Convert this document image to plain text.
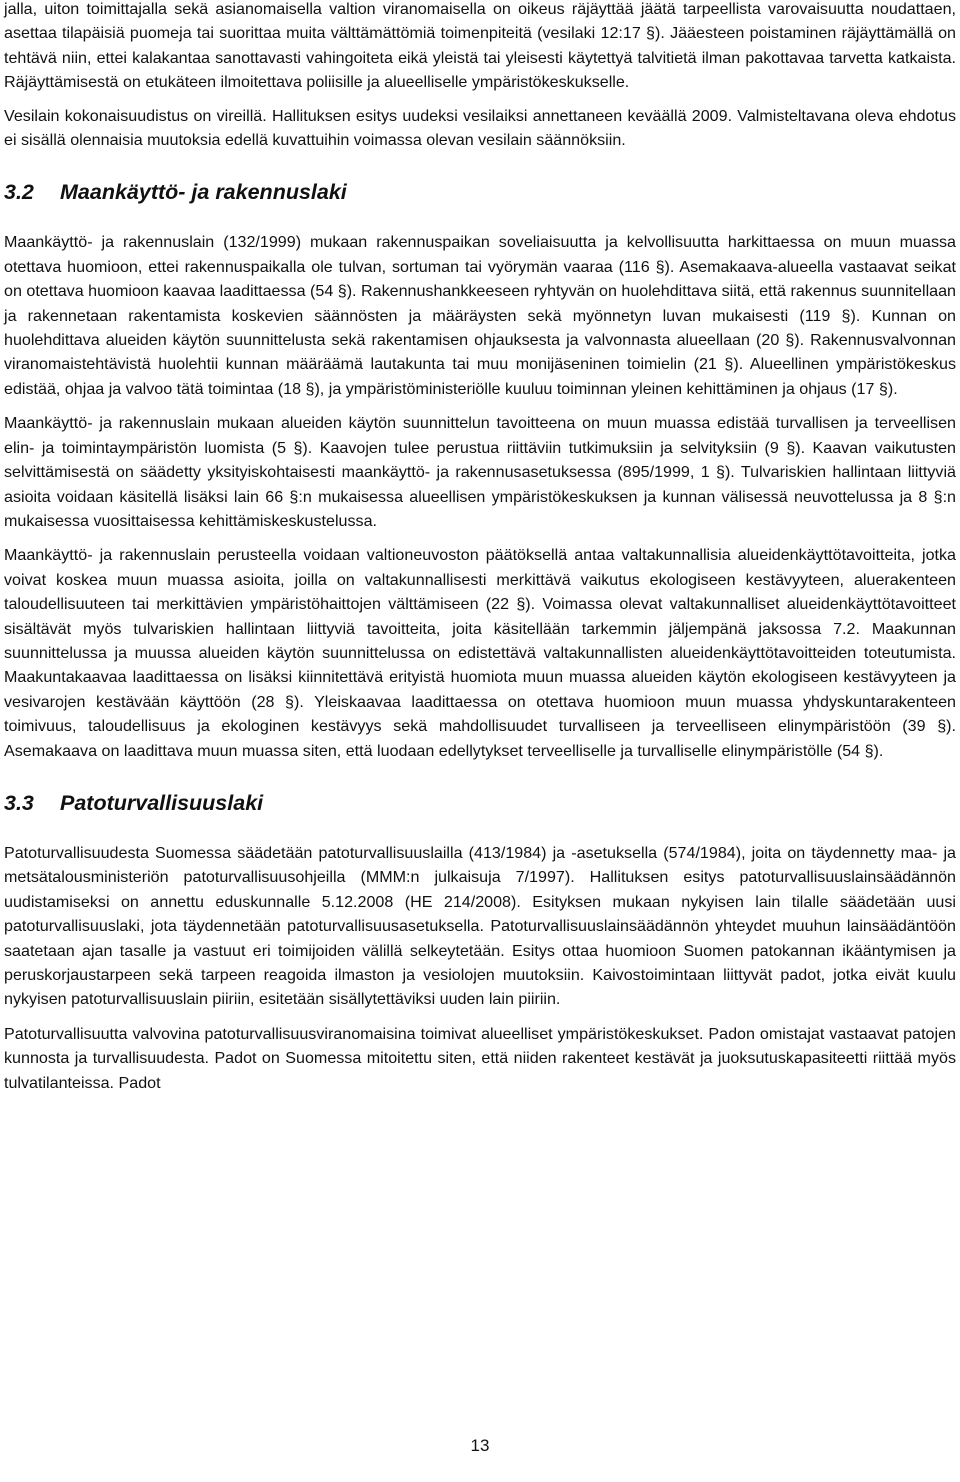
jalla, uiton toimittajalla sekä asianomaisella valtion viranomaisella on oikeus räjäyttää jäätä tarpeellista varovaisuutta noudattaen, asettaa tilapäisiä puomeja tai suorittaa muita välttämättömiä toimenpiteitä (vesilaki 12:17 §). Jääesteen poistaminen räjäyttämällä on tehtävä niin, ettei kalakantaa sanottavasti vahingoiteta eikä yleistä tai yleisesti käytettyä talvitietä ilman pakottavaa tarvetta katkaista. Räjäyttämisestä on etukäteen ilmoitettava poliisille ja alueelliselle ympäristökeskukselle.

Vesilain kokonaisuudistus on vireillä. Hallituksen esitys uudeksi vesilaiksi annettaneen keväällä 2009. Valmisteltavana oleva ehdotus ei sisällä olennaisia muutoksia edellä kuvattuihin voimassa olevan vesilain säännöksiin.

3.2 Maankäyttö- ja rakennuslaki

Maankäyttö- ja rakennuslain (132/1999) mukaan rakennuspaikan soveliaisuutta ja kelvollisuutta harkittaessa on muun muassa otettava huomioon, ettei rakennuspaikalla ole tulvan, sortuman tai vyörymän vaaraa (116 §). Asemakaava-alueella vastaavat seikat on otettava huomioon kaavaa laadittaessa (54 §). Rakennushankkeeseen ryhtyvän on huolehdittava siitä, että rakennus suunnitellaan ja rakennetaan rakentamista koskevien säännösten ja määräysten sekä myönnetyn luvan mukaisesti (119 §). Kunnan on huolehdittava alueiden käytön suunnittelusta sekä rakentamisen ohjauksesta ja valvonnasta alueellaan (20 §). Rakennusvalvonnan viranomaistehtävistä huolehtii kunnan määräämä lautakunta tai muu monijäseninen toimielin (21 §). Alueellinen ympäristökeskus edistää, ohjaa ja valvoo tätä toimintaa (18 §), ja ympäristöministeriölle kuuluu toiminnan yleinen kehittäminen ja ohjaus (17 §).

Maankäyttö- ja rakennuslain mukaan alueiden käytön suunnittelun tavoitteena on muun muassa edistää turvallisen ja terveellisen elin- ja toimintaympäristön luomista (5 §). Kaavojen tulee perustua riittäviin tutkimuksiin ja selvityksiin (9 §). Kaavan vaikutusten selvittämisestä on säädetty yksityiskohtaisesti maankäyttö- ja rakennusasetuksessa (895/1999, 1 §). Tulvariskien hallintaan liittyviä asioita voidaan käsitellä lisäksi lain 66 §:n mukaisessa alueellisen ympäristökeskuksen ja kunnan välisessä neuvottelussa ja 8 §:n mukaisessa vuosittaisessa kehittämiskeskustelussa.

Maankäyttö- ja rakennuslain perusteella voidaan valtioneuvoston päätöksellä antaa valtakunnallisia alueidenkäyttötavoitteita, jotka voivat koskea muun muassa asioita, joilla on valtakunnallisesti merkittävä vaikutus ekologiseen kestävyyteen, aluerakenteen taloudellisuuteen tai merkittävien ympäristöhaittojen välttämiseen (22 §). Voimassa olevat valtakunnalliset alueidenkäyttötavoitteet sisältävät myös tulvariskien hallintaan liittyviä tavoitteita, joita käsitellään tarkemmin jäljempänä jaksossa 7.2. Maakunnan suunnittelussa ja muussa alueiden käytön suunnittelussa on edistettävä valtakunnallisten alueidenkäyttötavoitteiden toteutumista. Maakuntakaavaa laadittaessa on lisäksi kiinnitettävä erityistä huomiota muun muassa alueiden käytön ekologiseen kestävyyteen ja vesivarojen kestävään käyttöön (28 §). Yleiskaavaa laadittaessa on otettava huomioon muun muassa yhdyskuntarakenteen toimivuus, taloudellisuus ja ekologinen kestävyys sekä mahdollisuudet turvalliseen ja terveelliseen elinympäristöön (39 §). Asemakaava on laadittava muun muassa siten, että luodaan edellytykset terveelliselle ja turvalliselle elinympäristölle (54 §).

3.3 Patoturvallisuuslaki

Patoturvallisuudesta Suomessa säädetään patoturvallisuuslailla (413/1984) ja -asetuksella (574/1984), joita on täydennetty maa- ja metsätalousministeriön patoturvallisuusohjeilla (MMM:n julkaisuja 7/1997). Hallituksen esitys patoturvallisuuslainsäädännön uudistamiseksi on annettu eduskunnalle 5.12.2008 (HE 214/2008). Esityksen mukaan nykyisen lain tilalle säädetään uusi patoturvallisuuslaki, jota täydennetään patoturvallisuusasetuksella. Patoturvallisuuslainsäädännön yhteydet muuhun lainsäädäntöön saatetaan ajan tasalle ja vastuut eri toimijoiden välillä selkeytetään. Esitys ottaa huomioon Suomen patokannan ikääntymisen ja peruskorjaustarpeen sekä tarpeen reagoida ilmaston ja vesiolojen muutoksiin. Kaivostoimintaan liittyvät padot, jotka eivät kuulu nykyisen patoturvallisuuslain piiriin, esitetään sisällytettäviksi uuden lain piiriin.

Patoturvallisuutta valvovina patoturvallisuusviranomaisina toimivat alueelliset ympäristökeskukset. Padon omistajat vastaavat patojen kunnosta ja turvallisuudesta. Padot on Suomessa mitoitettu siten, että niiden rakenteet kestävät ja juoksutuskapasiteetti riittää myös tulvatilanteissa. Padot

13
